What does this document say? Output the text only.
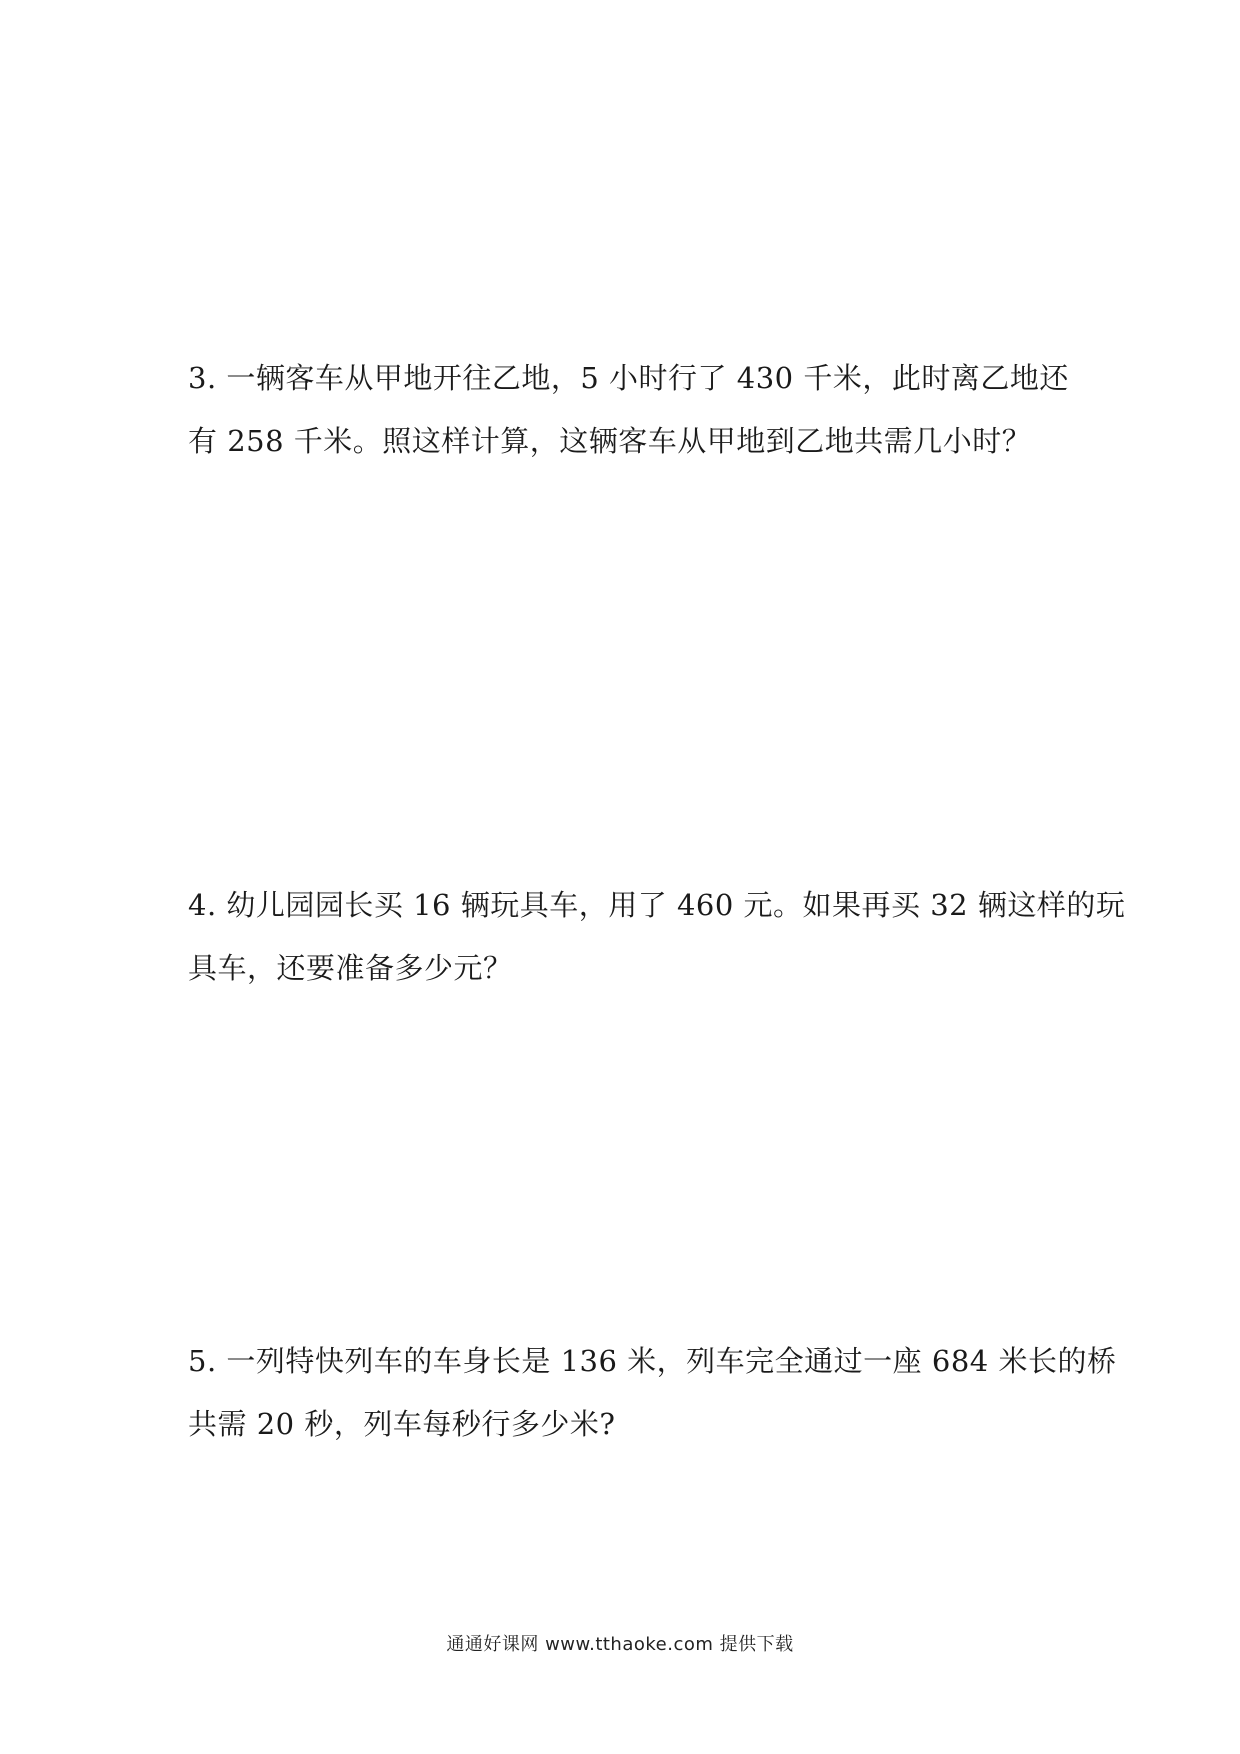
3. 一辆客车从甲地开往乙地，5 小时行了 430 千米，此时离乙地还
有 258 千米。照这样计算，这辆客车从甲地到乙地共需几小时？
4. 幼儿园园长买 16 辆玩具车，用了 460 元。如果再买 32 辆这样的玩
具车，还要准备多少元？
5. 一列特快列车的车身长是 136 米，列车完全通过一座 684 米长的桥
共需 20 秒，列车每秒行多少米?
通通好课网 www.tthaoke.com 提供下载
